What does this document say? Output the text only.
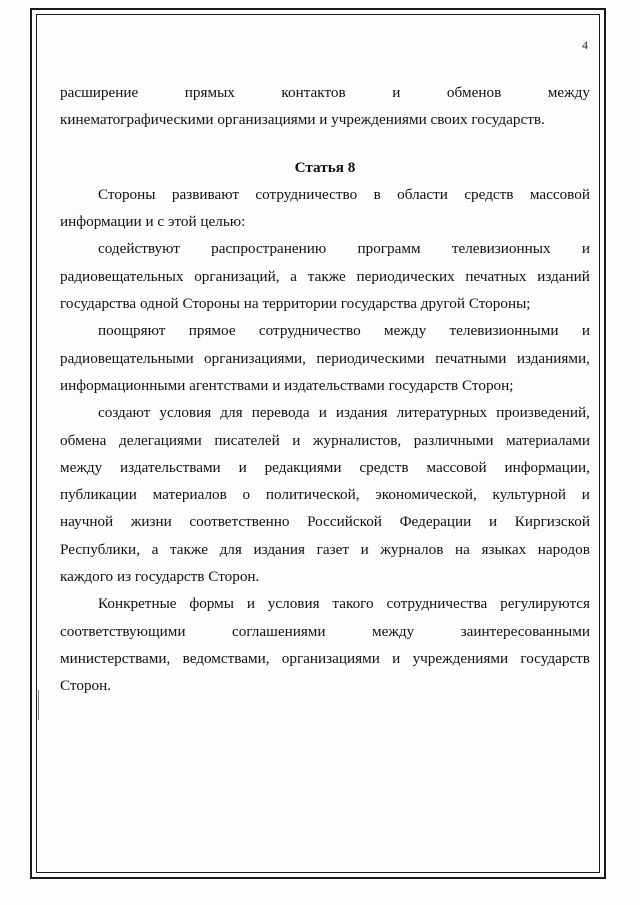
4
расширение	прямых	контактов	и	обменов	между
кинематографическими организациями и учреждениями своих государств.
Статья 8
Стороны развивают сотрудничество в области средств массовой
информации и с этой целью:
содействуют распространению программ телевизионных и
радиовещательных организаций, а также периодических печатных изданий
государства одной Стороны на территории государства другой Стороны;
поощряют прямое сотрудничество между телевизионными и
радиовещательными организациями, периодическими печатными изданиями,
информационными агентствами и издательствами государств Сторон;
создают условия для перевода и издания литературных произведений,
обмена делегациями писателей и журналистов, различными материалами
между издательствами и редакциями средств массовой информации,
публикации материалов о политической, экономической, культурной и
научной жизни соответственно Российской Федерации и Киргизской
Республики, а также для издания газет и журналов на языках народов
каждого из государств Сторон.
Конкретные формы и условия такого сотрудничества регулируются
соответствующими	соглашениями	между	заинтересованными
министерствами, ведомствами, организациями и учреждениями государств
Сторон.
